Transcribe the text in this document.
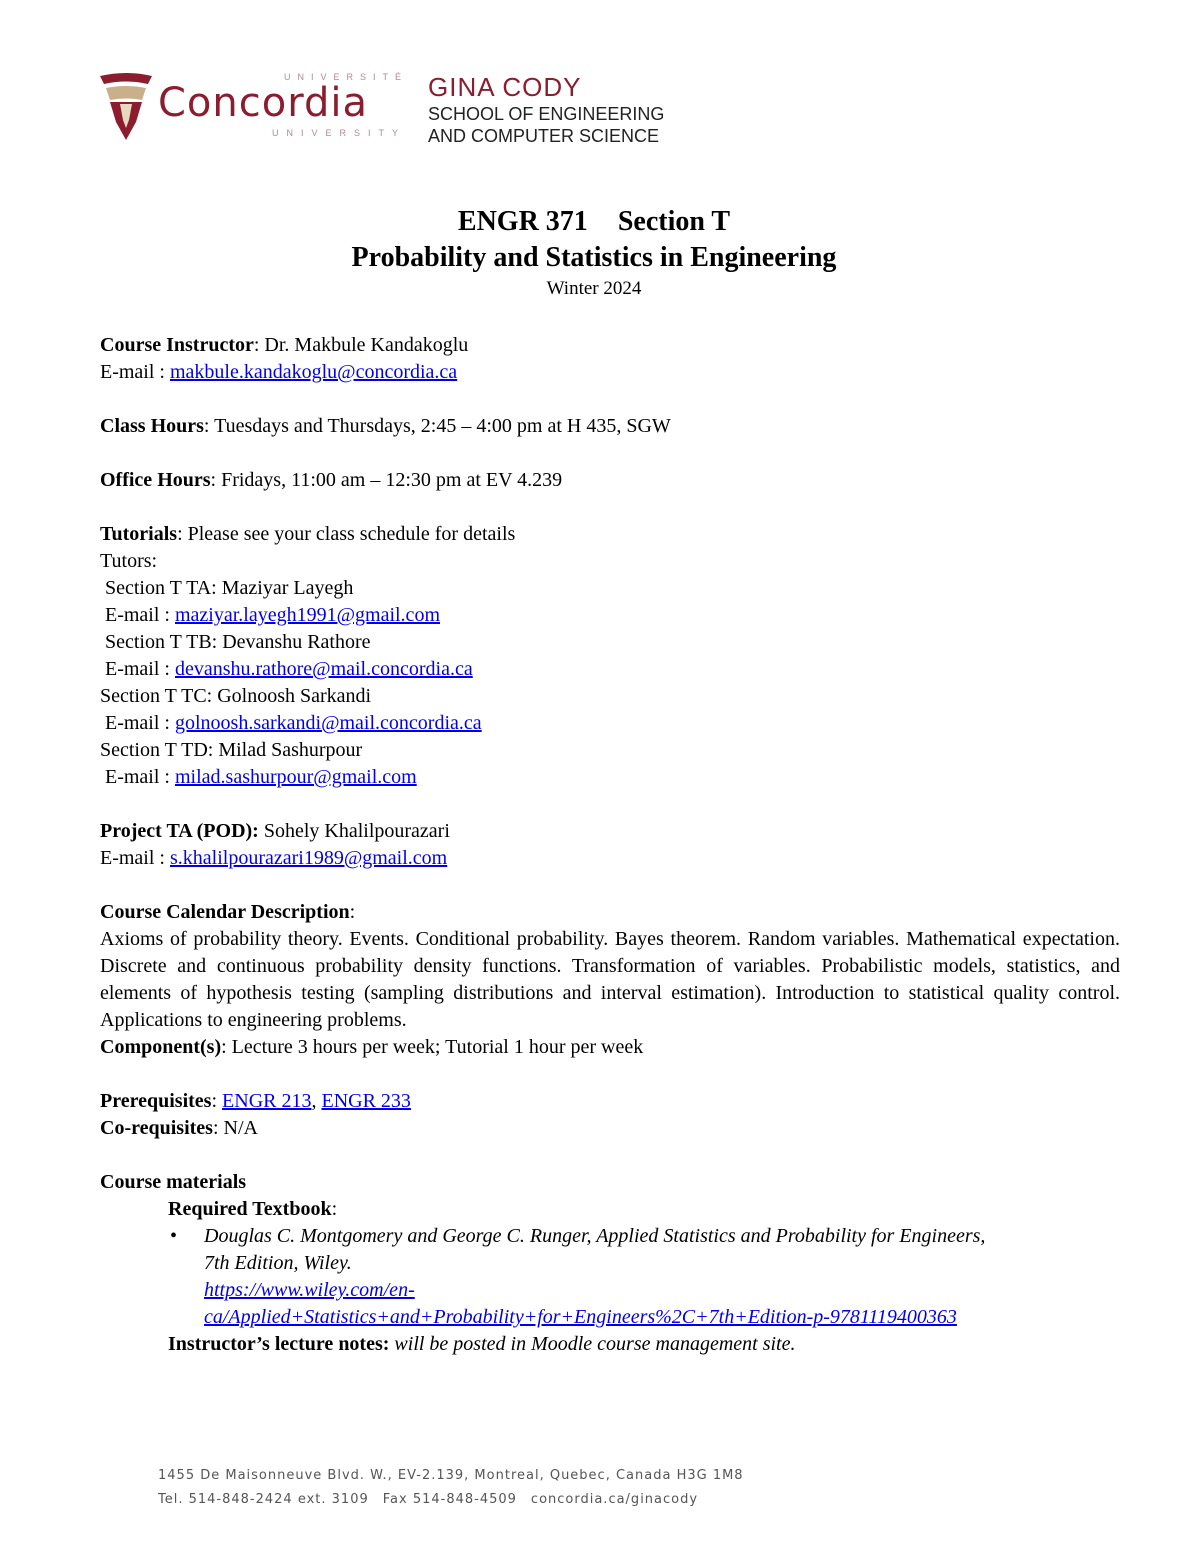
UNIVERSITÉ
Concordia
UNIVERSITY
GINA CODY
SCHOOL OF ENGINEERING
AND COMPUTER SCIENCE
ENGR 371 Section T
Probability and Statistics in Engineering
Winter 2024
Course Instructor: Dr. Makbule Kandakoglu
E-mail : makbule.kandakoglu@concordia.ca
Class Hours: Tuesdays and Thursdays, 2:45 – 4:00 pm at H 435, SGW
Office Hours: Fridays, 11:00 am – 12:30 pm at EV 4.239
Tutorials: Please see your class schedule for details
Tutors:
Section T TA: Maziyar Layegh
E-mail : maziyar.layegh1991@gmail.com
Section T TB: Devanshu Rathore
E-mail : devanshu.rathore@mail.concordia.ca
Section T TC: Golnoosh Sarkandi
E-mail : golnoosh.sarkandi@mail.concordia.ca
Section T TD: Milad Sashurpour
E-mail : milad.sashurpour@gmail.com
Project TA (POD): Sohely Khalilpourazari
E-mail : s.khalilpourazari1989@gmail.com
Course Calendar Description:
Axioms of probability theory. Events. Conditional probability. Bayes theorem. Random variables. Mathematical expectation. Discrete and continuous probability density functions. Transformation of variables. Probabilistic models, statistics, and elements of hypothesis testing (sampling distributions and interval estimation). Introduction to statistical quality control. Applications to engineering problems.
Component(s): Lecture 3 hours per week; Tutorial 1 hour per week
Prerequisites: ENGR 213, ENGR 233
Co-requisites: N/A
Course materials
Required Textbook:
• Douglas C. Montgomery and George C. Runger, Applied Statistics and Probability for Engineers,
7th Edition, Wiley.
https://www.wiley.com/en-
ca/Applied+Statistics+and+Probability+for+Engineers%2C+7th+Edition-p-9781119400363
Instructor’s lecture notes: will be posted in Moodle course management site.
1455 De Maisonneuve Blvd. W., EV-2.139, Montreal, Quebec, Canada H3G 1M8
Tel. 514-848-2424 ext. 3109 Fax 514-848-4509 concordia.ca/ginacody
